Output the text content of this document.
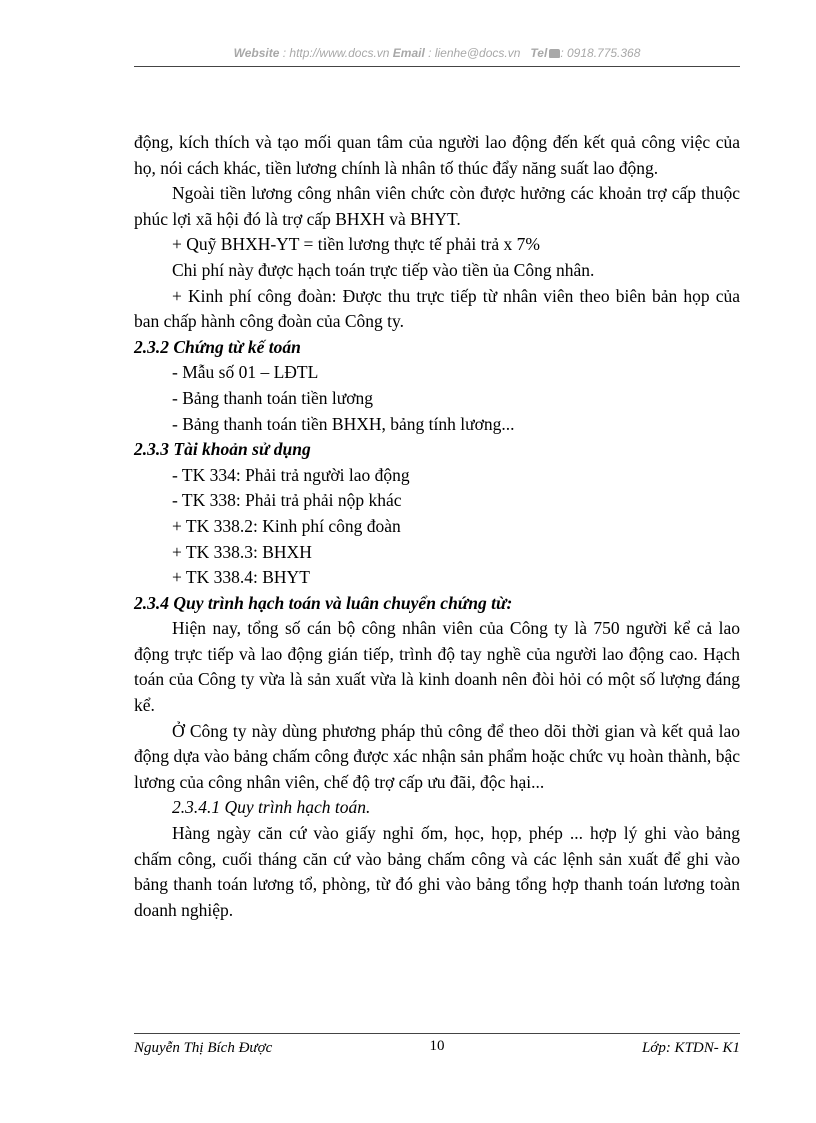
Website : http://www.docs.vn Email : lienhe@docs.vn Tel : 0918.775.368

động, kích thích và tạo mối quan tâm của người lao động đến kết quả công việc của họ, nói cách khác, tiền lương chính là nhân tố thúc đẩy năng suất lao động.

Ngoài tiền lương công nhân viên chức còn được hưởng các khoản trợ cấp thuộc phúc lợi xã hội đó là trợ cấp BHXH và BHYT.

+ Quỹ BHXH-YT = tiền lương thực tế phải trả x 7%

Chi phí này được hạch toán trực tiếp vào tiền ủa Công nhân.

+ Kinh phí công đoàn: Được thu trực tiếp từ nhân viên theo biên bản họp của ban chấp hành công đoàn của Công ty.

2.3.2 Chứng từ kế toán

- Mẫu số 01 – LĐTL

- Bảng thanh toán tiền lương

- Bảng thanh toán tiền BHXH, bảng tính lương...

2.3.3 Tài khoản sử dụng

- TK 334: Phải trả người lao động

- TK 338: Phải trả phải nộp khác

+ TK 338.2: Kinh phí công đoàn

+ TK 338.3: BHXH

+ TK 338.4: BHYT

2.3.4 Quy trình hạch toán và luân chuyển chứng từ:

Hiện nay, tổng số cán bộ công nhân viên của Công ty là 750 người kể cả lao động trực tiếp và lao động gián tiếp, trình độ tay nghề của người lao động cao. Hạch toán của Công ty vừa là sản xuất vừa là kinh doanh nên đòi hỏi có một số lượng đáng kể.

Ở Công ty này dùng phương pháp thủ công để theo dõi thời gian và kết quả lao động dựa vào bảng chấm công được xác nhận sản phẩm hoặc chức vụ hoàn thành, bậc lương của công nhân viên, chế độ trợ cấp ưu đãi, độc hại...

2.3.4.1 Quy trình hạch toán.

Hàng ngày căn cứ vào giấy nghỉ ốm, học, họp, phép ... hợp lý ghi vào bảng chấm công, cuối tháng căn cứ vào bảng chấm công và các lệnh sản xuất để ghi vào bảng thanh toán lương tổ, phòng, từ đó ghi vào bảng tổng hợp thanh toán lương toàn doanh nghiệp.

Nguyễn Thị Bích Được	10	Lớp: KTDN- K1
